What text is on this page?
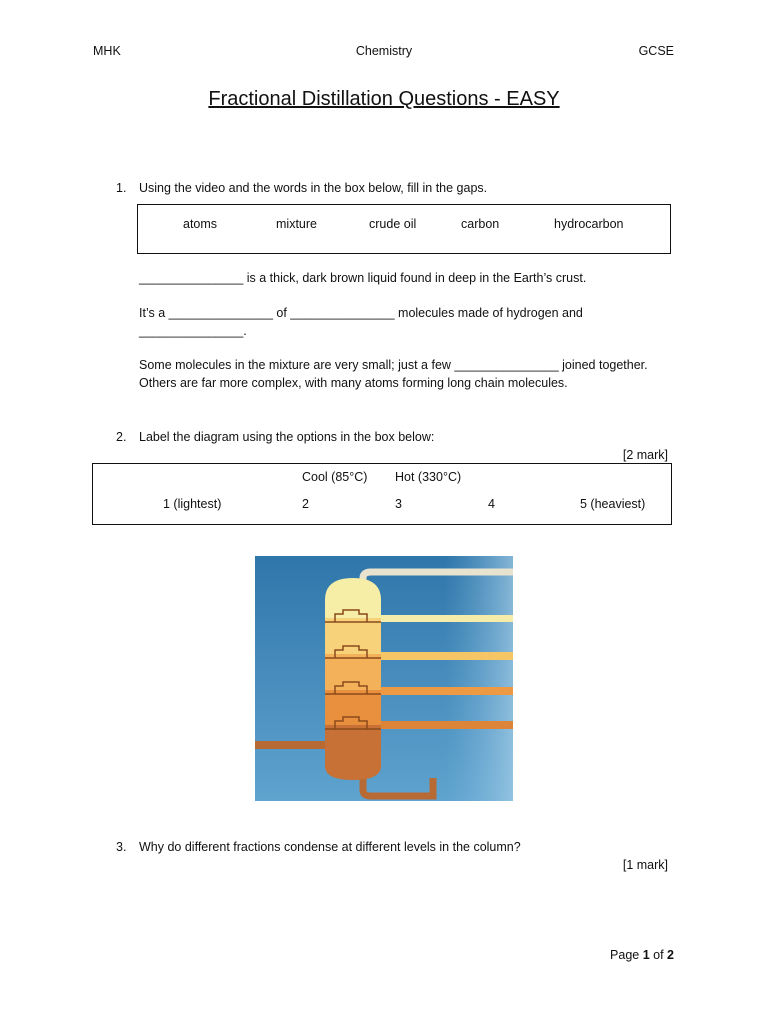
MHK	Chemistry	GCSE
Fractional Distillation Questions - EASY
1. Using the video and the words in the box below, fill in the gaps.
atoms	mixture	crude oil	carbon	hydrocarbon
_______________ is a thick, dark brown liquid found in deep in the Earth’s crust.
It’s a _______________ of _______________ molecules made of hydrogen and
_______________.
Some molecules in the mixture are very small; just a few _______________ joined together.
Others are far more complex, with many atoms forming long chain molecules.
2. Label the diagram using the options in the box below:
[2 mark]
Cool (85°C) Hot (330°C)
1 (lightest)	2	3	4	5 (heaviest)
3. Why do different fractions condense at different levels in the column?
[1 mark]
Page 1 of 2
